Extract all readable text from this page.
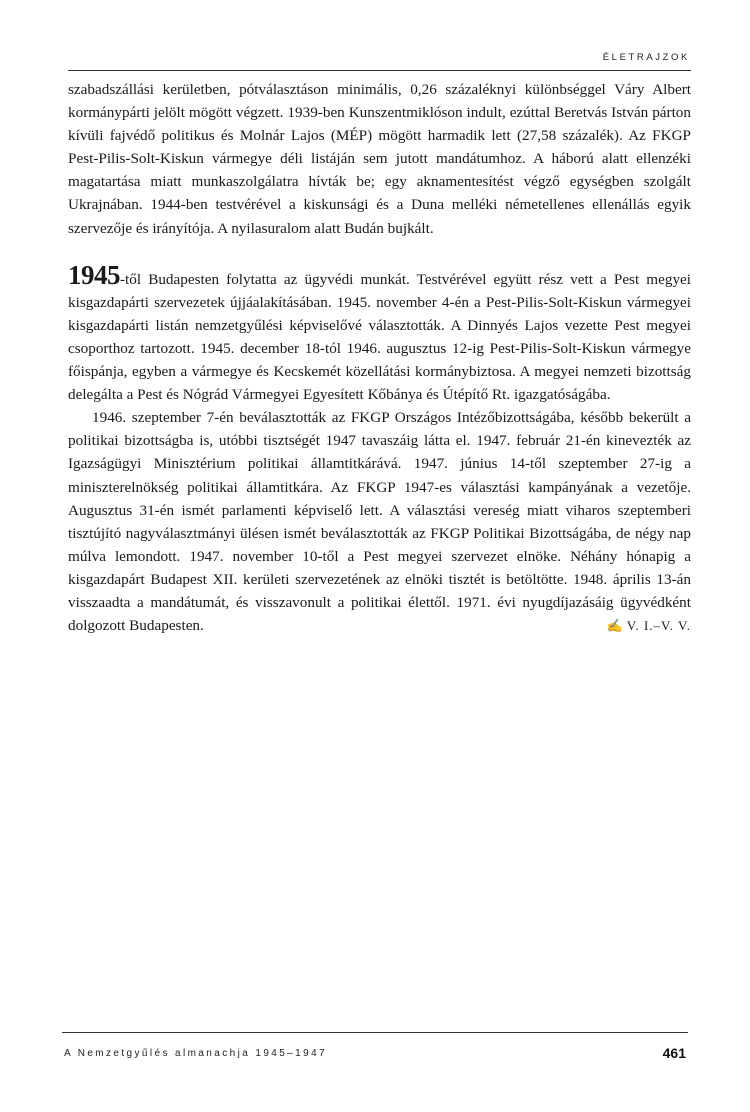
ÉLETRAJZOK

szabadszállási kerületben, pótválasztáson minimális, 0,26 százaléknyi különbséggel Váry Albert kormánypárti jelölt mögött végzett. 1939-ben Kunszentmiklóson indult, ezúttal Beretvás István párton kívüli fajvédő politikus és Molnár Lajos (MÉP) mögött harmadik lett (27,58 százalék). Az FKGP Pest-Pilis-Solt-Kiskun vármegye déli listáján sem jutott mandátumhoz. A háború alatt ellenzéki magatartása miatt munkaszolgálatra hívták be; egy aknamentesítést végző egységben szolgált Ukrajnában. 1944-ben testvérével a kiskunsági és a Duna melléki németellenes ellenállás egyik szervezője és irányítója. A nyilasuralom alatt Budán bujkált.

1945-től Budapesten folytatta az ügyvédi munkát. Testvérével együtt rész vett a Pest megyei kisgazdapárti szervezetek újjáalakításában. 1945. november 4-én a Pest-Pilis-Solt-Kiskun vármegyei kisgazdapárti listán nemzetgyűlési képviselővé választották. A Dinnyés Lajos vezette Pest megyei csoporthoz tartozott. 1945. december 18-tól 1946. augusztus 12-ig Pest-Pilis-Solt-Kiskun vármegye főispánja, egyben a vármegye és Kecskemét közellátási kormánybiztosa. A megyei nemzeti bizottság delegálta a Pest és Nógrád Vármegyei Egyesített Kőbánya és Útépítő Rt. igazgatóságába.

1946. szeptember 7-én beválasztották az FKGP Országos Intézőbizottságába, később bekerült a politikai bizottságba is, utóbbi tisztségét 1947 tavaszáig látta el. 1947. február 21-én kinevezték az Igazságügyi Minisztérium politikai államtitkárává. 1947. június 14-től szeptember 27-ig a miniszterelnökség politikai államtitkára. Az FKGP 1947-es választási kampányának a vezetője. Augusztus 31-én ismét parlamenti képviselő lett. A választási vereség miatt viharos szeptemberi tisztújító nagyválasztmányi ülésen ismét beválasztották az FKGP Politikai Bizottságába, de négy nap múlva lemondott. 1947. november 10-től a Pest megyei szervezet elnöke. Néhány hónapig a kisgazdapárt Budapest XII. kerületi szervezetének az elnöki tisztét is betöltötte. 1948. április 13-án visszaadta a mandátumát, és visszavonult a politikai élettől. 1971. évi nyugdíjazásáig ügyvédként dolgozott Budapesten.	✍ V. I.–V. V.

A Nemzetgyűlés almanachja 1945–1947	461
